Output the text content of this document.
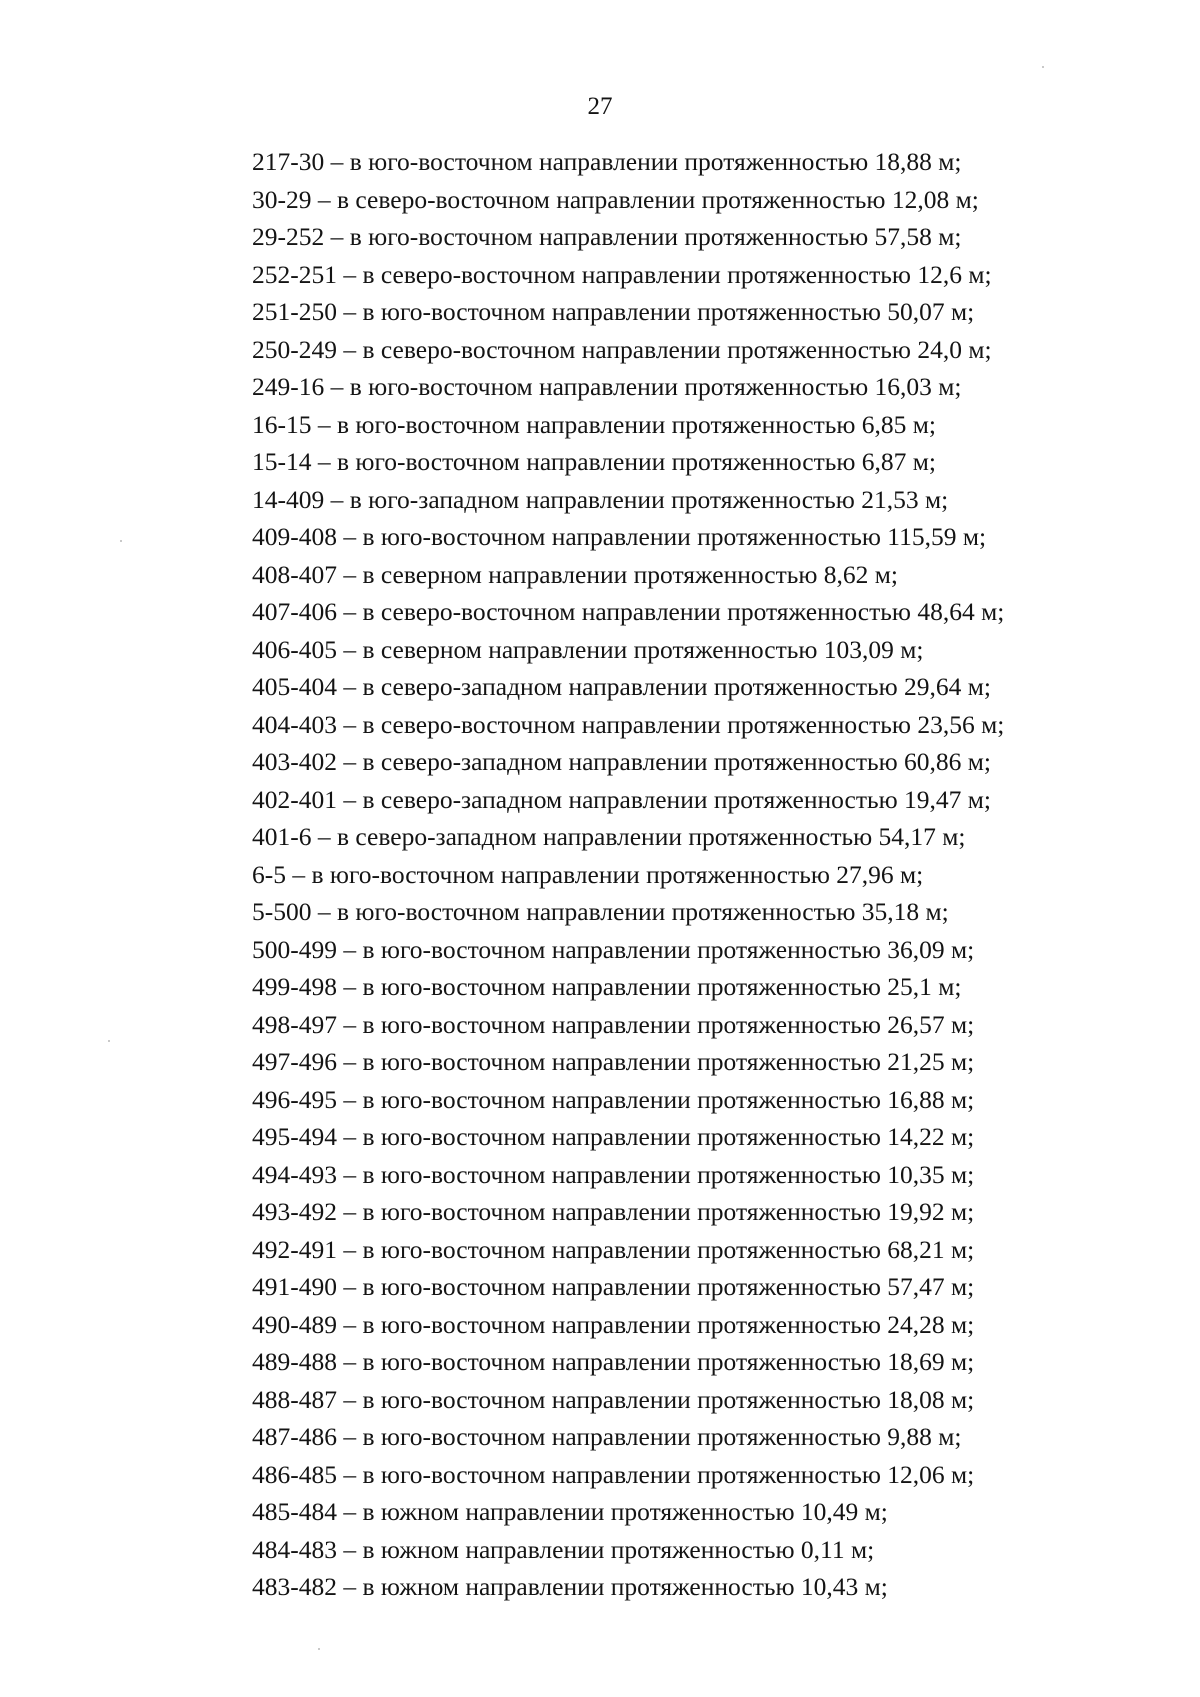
27
217-30 – в юго-восточном направлении протяженностью 18,88 м;
30-29 – в северо-восточном направлении протяженностью 12,08 м;
29-252 – в юго-восточном направлении протяженностью 57,58 м;
252-251 – в северо-восточном направлении протяженностью 12,6 м;
251-250 – в юго-восточном направлении протяженностью 50,07 м;
250-249 – в северо-восточном направлении протяженностью 24,0 м;
249-16 – в юго-восточном направлении протяженностью 16,03 м;
16-15 – в юго-восточном направлении протяженностью 6,85 м;
15-14 – в юго-восточном направлении протяженностью 6,87 м;
14-409 – в юго-западном направлении протяженностью 21,53 м;
409-408 – в юго-восточном направлении протяженностью 115,59 м;
408-407 – в северном направлении протяженностью 8,62 м;
407-406 – в северо-восточном направлении протяженностью 48,64 м;
406-405 – в северном направлении протяженностью 103,09 м;
405-404 – в северо-западном направлении протяженностью 29,64 м;
404-403 – в северо-восточном направлении протяженностью 23,56 м;
403-402 – в северо-западном направлении протяженностью 60,86 м;
402-401 – в северо-западном направлении протяженностью 19,47 м;
401-6 – в северо-западном направлении протяженностью 54,17 м;
6-5 – в юго-восточном направлении протяженностью 27,96 м;
5-500 – в юго-восточном направлении протяженностью 35,18 м;
500-499 – в юго-восточном направлении протяженностью 36,09 м;
499-498 – в юго-восточном направлении протяженностью 25,1 м;
498-497 – в юго-восточном направлении протяженностью 26,57 м;
497-496 – в юго-восточном направлении протяженностью 21,25 м;
496-495 – в юго-восточном направлении протяженностью 16,88 м;
495-494 – в юго-восточном направлении протяженностью 14,22 м;
494-493 – в юго-восточном направлении протяженностью 10,35 м;
493-492 – в юго-восточном направлении протяженностью 19,92 м;
492-491 – в юго-восточном направлении протяженностью 68,21 м;
491-490 – в юго-восточном направлении протяженностью 57,47 м;
490-489 – в юго-восточном направлении протяженностью 24,28 м;
489-488 – в юго-восточном направлении протяженностью 18,69 м;
488-487 – в юго-восточном направлении протяженностью 18,08 м;
487-486 – в юго-восточном направлении протяженностью 9,88 м;
486-485 – в юго-восточном направлении протяженностью 12,06 м;
485-484 – в южном направлении протяженностью 10,49 м;
484-483 – в южном направлении протяженностью 0,11 м;
483-482 – в южном направлении протяженностью 10,43 м;
